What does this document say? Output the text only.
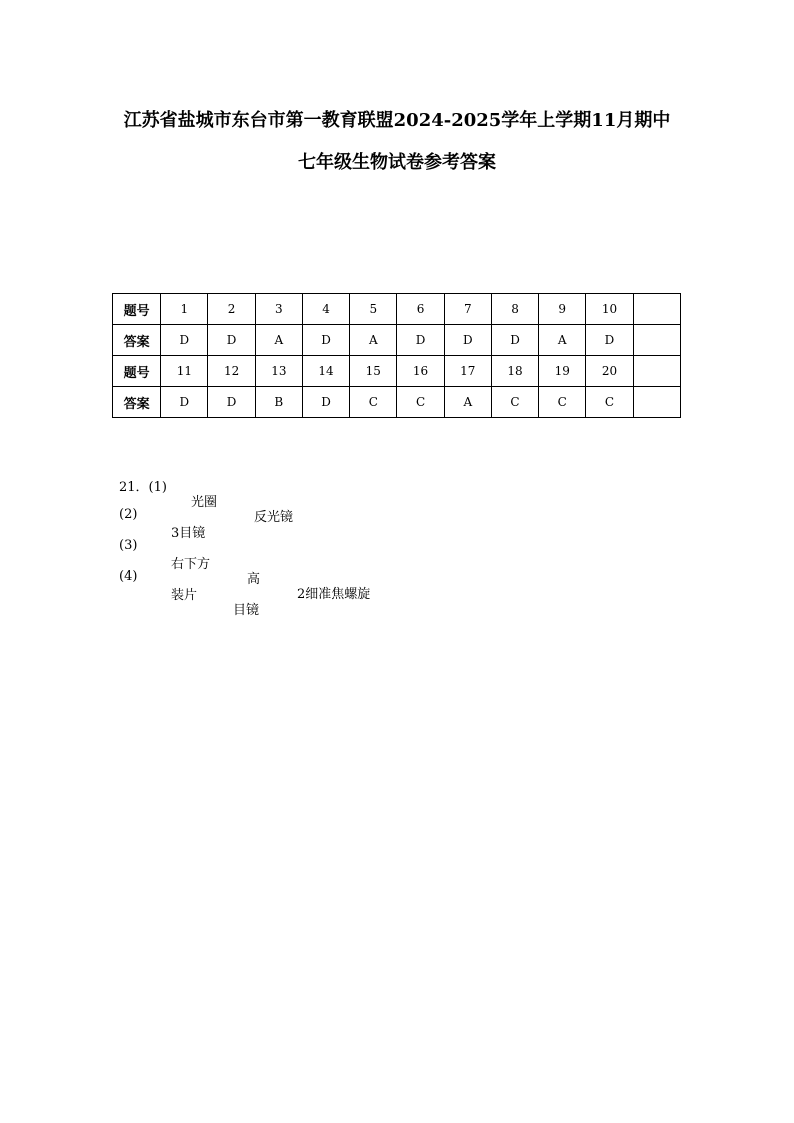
江苏省盐城市东台市第一教育联盟2024-2025学年上学期11月期中
七年级生物试卷参考答案
题号	1	2	3	4	5	6	7	8	9	10	
答案	D	D	A	D	A	D	D	D	A	D	
题号	11	12	13	14	15	16	17	18	19	20	
答案	D	D	B	D	C	C	A	C	C	C	

21．(1)

光圈

反光镜

(2)

3目镜

(3)

右下方

高

2细准焦螺旋

(4)

装片

目镜
